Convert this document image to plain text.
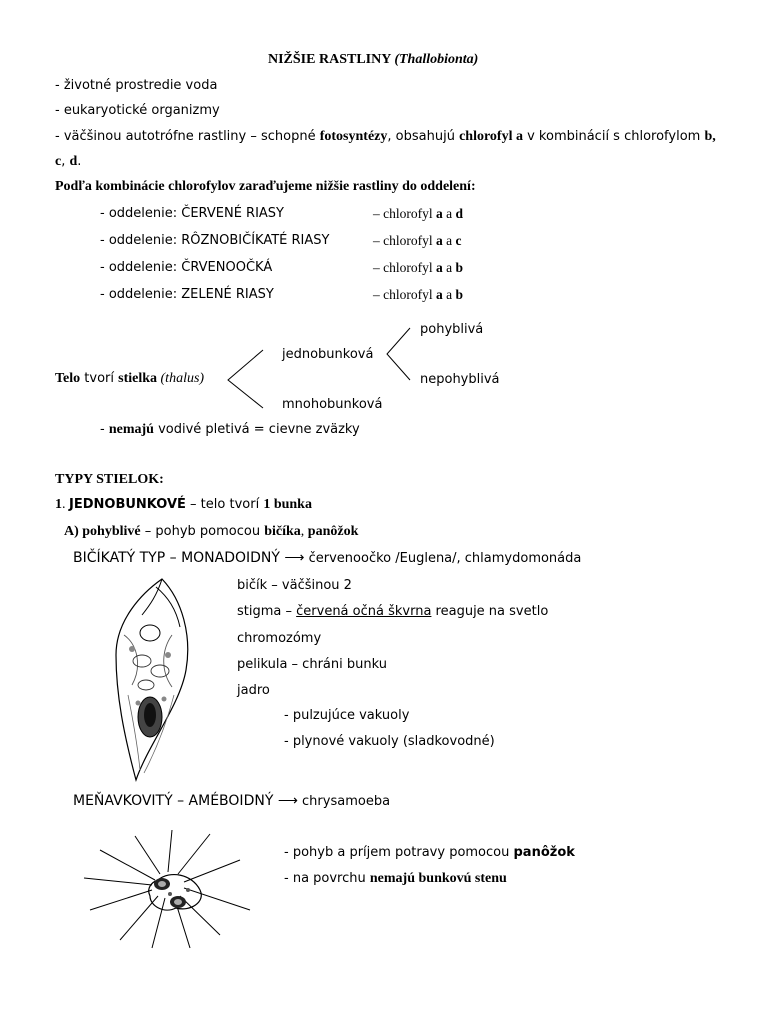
NIŽŠIE RASTLINY (Thallobionta)
- životné prostredie voda
- eukaryotické organizmy
- väčšinou autotrófne rastliny – schopné fotosyntézy, obsahujú chlorofyl a v kombinácií s chlorofylom b,
c, d.
Podľa kombinácie chlorofylov zaraďujeme nižšie rastliny do oddelení:
- oddelenie: ČERVENÉ RIASY	– chlorofyl a a d
- oddelenie: RÔZNOBIČÍKATÉ RIASY	– chlorofyl a a c
- oddelenie: ČRVENOOČKÁ	– chlorofyl a a b
- oddelenie: ZELENÉ RIASY	– chlorofyl a a b
pohyblivá
jednobunková
Telo tvorí stielka (thalus)	nepohyblivá
mnohobunková
- nemajú vodivé pletivá = cievne zväzky
TYPY STIELOK:
1. JEDNOBUNKOVÉ – telo tvorí 1 bunka
A) pohyblivé – pohyb pomocou bičíka, panôžok
BIČÍKATÝ TYP – MONADOIDNÝ ⟶ červenoočko /Euglena/, chlamydomonáda
bičík – väčšinou 2
stigma – červená očná škvrna reaguje na svetlo
chromozómy
pelikula – chráni bunku
jadro
- pulzujúce vakuoly
- plynové vakuoly (sladkovodné)
MEŇAVKOVITÝ – AMÉBOIDNÝ ⟶ chrysamoeba
- pohyb a príjem potravy pomocou panôžok
- na povrchu nemajú bunkovú stenu
